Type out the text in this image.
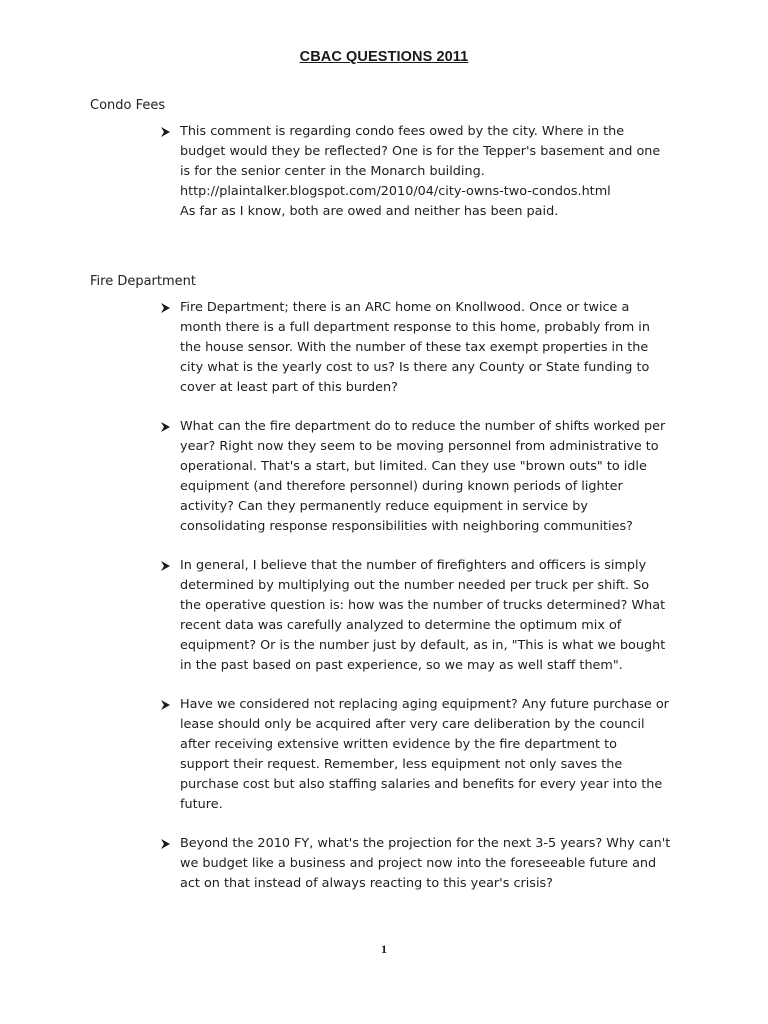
CBAC QUESTIONS 2011
Condo Fees
This comment is regarding condo fees owed by the city. Where in the
budget would they be reflected? One is for the Tepper's basement and one
is for the senior center in the Monarch building.
http://plaintalker.blogspot.com/2010/04/city-owns-two-condos.html
As far as I know, both are owed and neither has been paid.
Fire Department
Fire Department; there is an ARC home on Knollwood. Once or twice a
month there is a full department response to this home, probably from in
the house sensor. With the number of these tax exempt properties in the
city what is the yearly cost to us? Is there any County or State funding to
cover at least part of this burden?
What can the fire department do to reduce the number of shifts worked per
year? Right now they seem to be moving personnel from administrative to
operational. That's a start, but limited. Can they use "brown outs" to idle
equipment (and therefore personnel) during known periods of lighter
activity? Can they permanently reduce equipment in service by
consolidating response responsibilities with neighboring communities?
In general, I believe that the number of firefighters and officers is simply
determined by multiplying out the number needed per truck per shift. So
the operative question is: how was the number of trucks determined? What
recent data was carefully analyzed to determine the optimum mix of
equipment? Or is the number just by default, as in, "This is what we bought
in the past based on past experience, so we may as well staff them".
Have we considered not replacing aging equipment? Any future purchase or
lease should only be acquired after very care deliberation by the council
after receiving extensive written evidence by the fire department to
support their request. Remember, less equipment not only saves the
purchase cost but also staffing salaries and benefits for every year into the
future.
Beyond the 2010 FY, what's the projection for the next 3-5 years? Why can't
we budget like a business and project now into the foreseeable future and
act on that instead of always reacting to this year's crisis?
1
